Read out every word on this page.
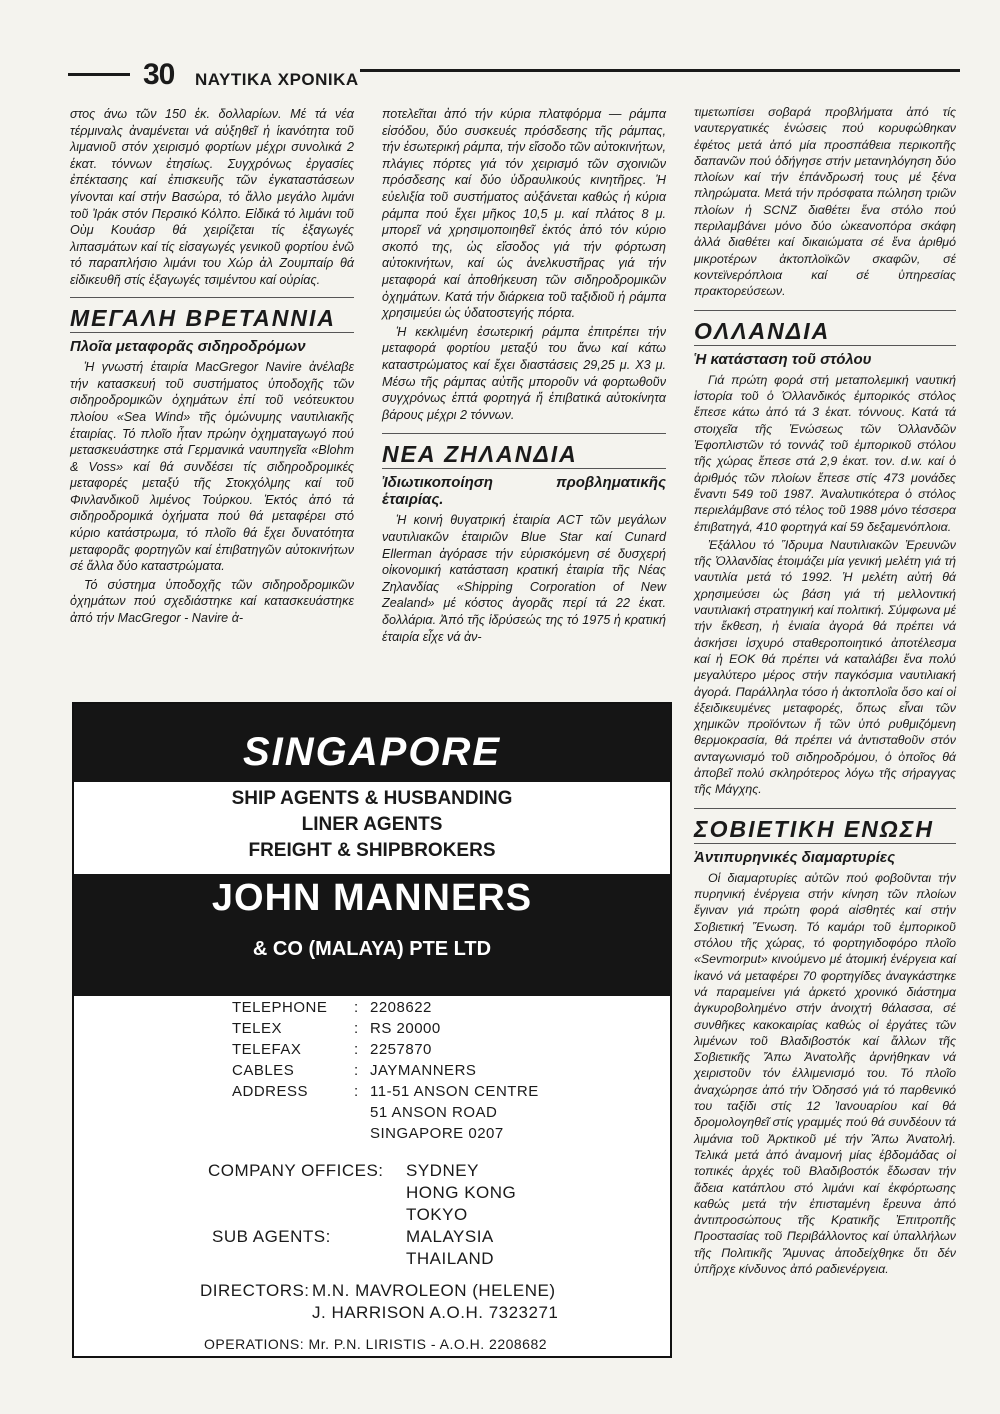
30 ΝΑΥΤΙΚΑ ΧΡΟΝΙΚΑ

στος άνω τῶν 150 ἑκ. δολλαρίων. Μέ τά νέα τέρμιναλς ἀναμένεται νά αὐξηθεῖ ἡ ἱκανότητα τοῦ λιμανιοῦ στόν χειρισμό φορτίων μέχρι συνολικά 2 ἑκατ. τόννων ἐτησίως. Συγχρόνως ἐργασίες ἐπέκτασης καί ἐπισκευῆς τῶν ἐγκαταστάσεων γίνονται καί στήν Βασώρα, τό ἄλλο μεγάλο λιμάνι τοῦ Ἰράκ στόν Περσικό Κόλπο. Εἰδικά τό λιμάνι τοῦ Οὺμ Κουάσρ θά χειρίζεται τίς ἐξαγωγές λιπασμάτων καί τίς εἰσαγωγές γενικοῦ φορτίου ἐνῶ τό παραπλήσιο λιμάνι του Χώρ ἀλ Ζουμπαίρ θά εἰδικευθῆ στίς ἐξαγωγές τσιμέντου καί οὐρίας.

ΜΕΓΑΛΗ ΒΡΕΤΑΝΝΙΑ
Πλοῖα μεταφορᾶς σιδηροδρόμων

Ἡ γνωστή ἑταιρία MacGregor Navire ἀνέλαβε τήν κατασκευή τοῦ συστήματος ὑποδοχῆς τῶν σιδηροδρομικῶν ὀχημάτων ἐπί τοῦ νεότευκτου πλοίου «Sea Wind» τῆς ὁμώνυμης ναυτιλιακῆς ἑταιρίας. Τό πλοῖο ἦταν πρώην ὀχηματαγωγό πού μετασκευάστηκε στά Γερμανικά ναυπηγεῖα «Blohm & Voss» καί θά συνδέσει τίς σιδηροδρομικές μεταφορές μεταξύ τῆς Στοκχόλμης καί τοῦ Φινλανδικοῦ λιμένος Τούρκου. Ἐκτός ἀπό τά σιδηροδρομικά ὀχήματα πού θά μεταφέρει στό κύριο κατάστρωμα, τό πλοῖο θά ἔχει δυνατότητα μεταφορᾶς φορτηγῶν καί ἐπιβατηγῶν αὐτοκινήτων σέ ἄλλα δύο καταστρώματα.

Τό σύστημα ὑποδοχῆς τῶν σιδηροδρομικῶν ὀχημάτων πού σχεδιάστηκε καί κατασκευάστηκε ἀπό τήν MacGregor - Navire ἀ-

ποτελεῖται ἀπό τήν κύρια πλατφόρμα — ράμπα εἰσόδου, δύο συσκευές πρόσδεσης τῆς ράμπας, τήν ἐσωτερική ράμπα, τήν εἴσοδο τῶν αὐτοκινήτων, πλάγιες πόρτες γιά τόν χειρισμό τῶν σχοινιῶν πρόσδεσης καί δύο ὑδραυλικούς κινητῆρες. Ἡ εὐελιξία τοῦ συστήματος αὐξάνεται καθώς ἡ κύρια ράμπα πού ἔχει μῆκος 10,5 μ. καί πλάτος 8 μ. μπορεῖ νά χρησιμοποιηθεῖ ἐκτός ἀπό τόν κύριο σκοπό της, ὡς εἴσοδος γιά τήν φόρτωση αὐτοκινήτων, καί ὡς ἀνελκυστῆρας γιά τήν μεταφορά καί ἀποθήκευση τῶν σιδηροδρομικῶν ὀχημάτων. Κατά τήν διάρκεια τοῦ ταξιδιοῦ ἡ ράμπα χρησιμεύει ὡς ὑδατοστεγής πόρτα.

Ἡ κεκλιμένη ἐσωτερική ράμπα ἐπιτρέπει τήν μεταφορά φορτίου μεταξύ του ἄνω καί κάτω καταστρώματος καί ἔχει διαστάσεις 29,25 μ. Χ3 μ. Μέσω τῆς ράμπας αὐτῆς μποροῦν νά φορτωθοῦν συγχρόνως ἑπτά φορτηγά ἤ ἐπιβατικά αὐτοκίνητα βάρους μέχρι 2 τόννων.

ΝΕΑ ΖΗΛΑΝΔΙΑ
Ἰδιωτικοποίηση προβληματικῆς ἑταιρίας.

Ἡ κοινή θυγατρική ἑταιρία ACT τῶν μεγάλων ναυτιλιακῶν ἑταιριῶν Blue Star καί Cunard Ellerman ἀγόρασε τήν εὑρισκόμενη σέ δυσχερή οἰκονομική κατάσταση κρατική ἑταιρία τῆς Νέας Ζηλανδίας «Shipping Corporation of New Zealand» μέ κόστος ἀγορᾶς περί τά 22 ἑκατ. δολλάρια. Ἀπό τῆς ἱδρύσεώς της τό 1975 ἡ κρατική ἑταιρία εἶχε νά ἀν-

τιμετωπίσει σοβαρά προβλήματα ἀπό τίς ναυτεργατικές ἑνώσεις πού κορυφώθηκαν ἐφέτος μετά ἀπό μία προσπάθεια περικοπῆς δαπανῶν πού ὁδήγησε στήν μετανηλόγηση δύο πλοίων καί τήν ἐπάνδρωσή τους μέ ξένα πληρώματα. Μετά τήν πρόσφατα πώληση τριῶν πλοίων ἡ SCNZ διαθέτει ἕνα στόλο πού περιλαμβάνει μόνο δύο ὠκεανοπόρα σκάφη ἀλλά διαθέτει καί δικαιώματα σέ ἕνα ἀριθμό μικροτέρων ἀκτοπλοϊκῶν σκαφῶν, σέ κοντεϊνερόπλοια καί σέ ὑπηρεσίας πρακτορεύσεων.

ΟΛΛΑΝΔΙΑ
Ἡ κατάσταση τοῦ στόλου

Γιά πρώτη φορά στή μεταπολεμική ναυτική ἱστορία τοῦ ὁ Ὁλλανδικός ἐμπορικός στόλος ἔπεσε κάτω ἀπό τά 3 ἑκατ. τόννους. Κατά τά στοιχεῖα τῆς Ἑνώσεως τῶν Ὁλλανδῶν Ἐφοπλιστῶν τό τοννάζ τοῦ ἐμπορικοῦ στόλου τῆς χώρας ἔπεσε στά 2,9 ἑκατ. τον. d.w. καί ὁ ἀριθμός τῶν πλοίων ἔπεσε στίς 473 μονάδες ἔναντι 549 τοῦ 1987. Ἀναλυτικότερα ὁ στόλος περιελάμβανε στό τέλος τοῦ 1988 μόνο τέσσερα ἐπιβατηγά, 410 φορτηγά καί 59 δεξαμενόπλοια.

Ἐξάλλου τό Ἵδρυμα Ναυτιλιακῶν Ἐρευνῶν τῆς Ὁλλανδίας ἑτοιμάζει μία γενική μελέτη γιά τή ναυτιλία μετά τό 1992. Ἡ μελέτη αὐτή θά χρησιμεύσει ὡς βάση γιά τή μελλοντική ναυτιλιακή στρατηγική καί πολιτική. Σύμφωνα μέ τήν ἔκθεση, ἡ ἑνιαία ἀγορά θά πρέπει νά ἀσκήσει ἰσχυρό σταθεροποιητικό ἀποτέλεσμα καί ἡ ΕΟΚ θά πρέπει νά καταλάβει ἕνα πολύ μεγαλύτερο μέρος στήν παγκόσμια ναυτιλιακή ἀγορά. Παράλληλα τόσο ἡ ἀκτοπλοΐα ὅσο καί οἱ ἐξειδικευμένες μεταφορές, ὅπως εἶναι τῶν χημικῶν προϊόντων ἤ τῶν ὑπό ρυθμιζόμενη θερμοκρασία, θά πρέπει νά ἀντισταθοῦν στόν ανταγωνισμό τοῦ σιδηροδρόμου, ὁ ὁποῖος θά ἀποβεῖ πολύ σκληρότερος λόγω τῆς σήραγγας τῆς Μάγχης.

ΣΟΒΙΕΤΙΚΗ ΕΝΩΣΗ
Ἀντιπυρηνικές διαμαρτυρίες

Οἱ διαμαρτυρίες αὐτῶν πού φοβοῦνται τήν πυρηνική ἐνέργεια στήν κίνηση τῶν πλοίων ἔγιναν γιά πρώτη φορά αἰσθητές καί στήν Σοβιετική Ἕνωση. Τό καμάρι τοῦ ἐμπορικοῦ στόλου τῆς χώρας, τό φορτηγιδοφόρο πλοῖο «Sevmorput» κινούμενο μέ ἀτομική ἐνέργεια καί ἱκανό νά μεταφέρει 70 φορτηγίδες ἀναγκάστηκε νά παραμείνει γιά ἀρκετό χρονικό διάστημα ἀγκυροβολημένο στήν ἀνοιχτή θάλασσα, σέ συνθῆκες κακοκαιρίας καθώς οἱ ἐργάτες τῶν λιμένων τοῦ Βλαδιβοστόκ καί ἄλλων τῆς Σοβιετικῆς Ἄπω Ἀνατολῆς ἀρνήθηκαν νά χειριστοῦν τόν ἐλλιμενισμό του. Τό πλοῖο ἀναχώρησε ἀπό τήν Ὀδησσό γιά τό παρθενικό του ταξίδι στίς 12 Ἰανουαρίου καί θά δρομολογηθεῖ στίς γραμμές πού θά συνδέουν τά λιμάνια τοῦ Ἀρκτικοῦ μέ τήν Ἄπω Ἀνατολή. Τελικά μετά ἀπό ἀναμονή μίας ἑβδομάδας οἱ τοπικές ἀρχές τοῦ Βλαδιβοστόκ ἔδωσαν τήν ἄδεια κατάπλου στό λιμάνι καί ἐκφόρτωσης καθώς μετά τήν ἐπισταμένη ἔρευνα ἀπό ἀντιπροσώπους τῆς Κρατικῆς Ἐπιτροπῆς Προστασίας τοῦ Περιβάλλοντος καί ὑπαλλήλων τῆς Πολιτικῆς Ἄμυνας ἀποδείχθηκε ὅτι δέν ὑπῆρχε κίνδυνος ἀπό ραδιενέργεια.

SINGAPORE
SHIP AGENTS & HUSBANDING
LINER AGENTS
FREIGHT & SHIPBROKERS
JOHN MANNERS
& CO (MALAYA) PTE LTD
TELEPHONE : 2208622
TELEX	: RS 20000
TELEFAX	: 2257870
CABLES	: JAYMANNERS
ADDRESS	: 11-51 ANSON CENTRE
51 ANSON ROAD
SINGAPORE 0207
COMPANY OFFICES: SYDNEY
HONG KONG
TOKYO
SUB AGENTS:	MALAYSIA
THAILAND
DIRECTORS: M.N. MAVROLEON (HELENE)
J. HARRISON A.O.H. 7323271
OPERATIONS: Mr. P.N. LIRISTIS - A.O.H. 2208682
